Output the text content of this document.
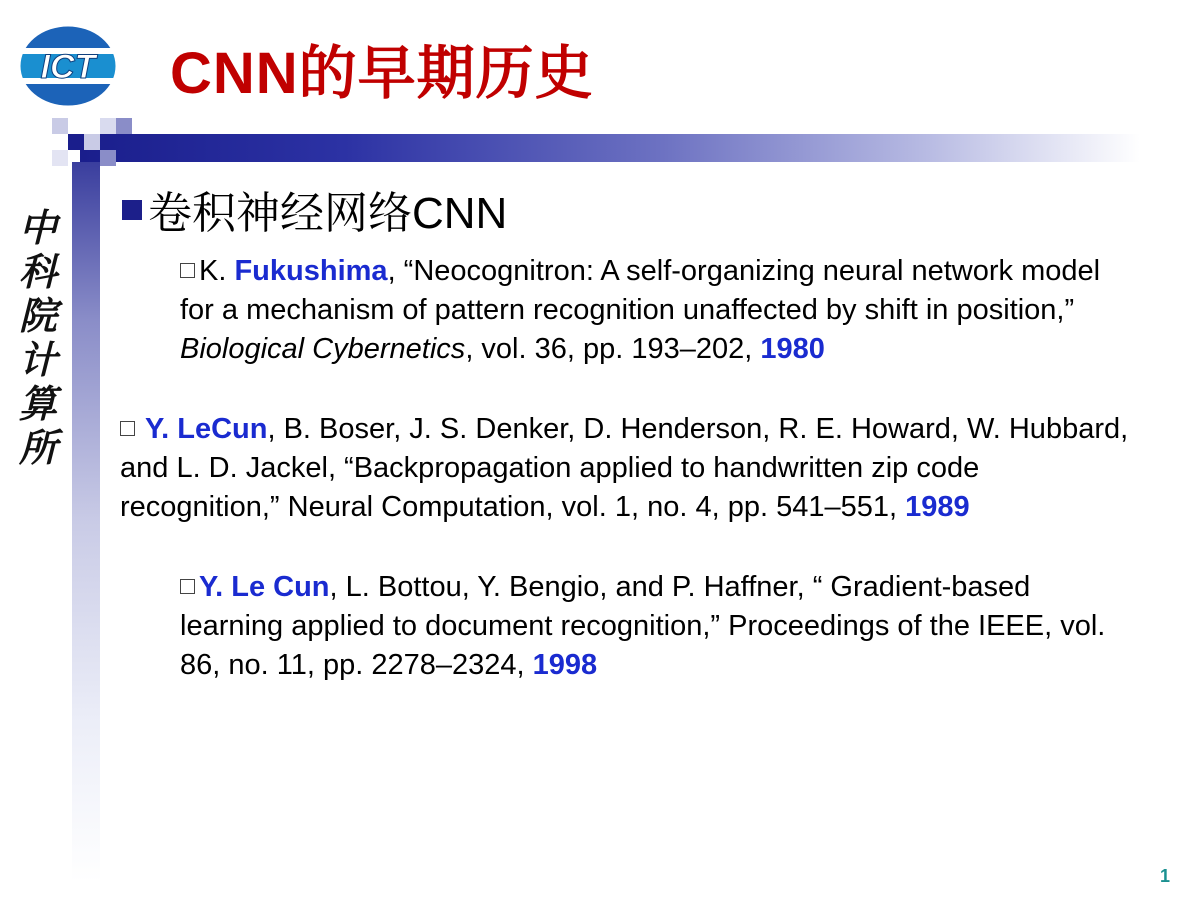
ICT CNN的早期历史
中
科
院
计
算
所

卷积神经网络CNN

K. Fukushima, “Neocognitron: A self-organizing neural network model for a mechanism of pattern recognition unaffected by shift in position,” Biological Cybernetics, vol. 36, pp. 193–202, 1980

Y. LeCun, B. Boser, J. S. Denker, D. Henderson, R. E. Howard, W. Hubbard, and L. D. Jackel, “Backpropagation applied to handwritten zip code recognition,” Neural Computation, vol. 1, no. 4, pp. 541–551, 1989

Y. Le Cun, L. Bottou, Y. Bengio, and P. Haffner, “ Gradient-based learning applied to document recognition,” Proceedings of the IEEE, vol. 86, no. 11, pp. 2278–2324, 1998

1
